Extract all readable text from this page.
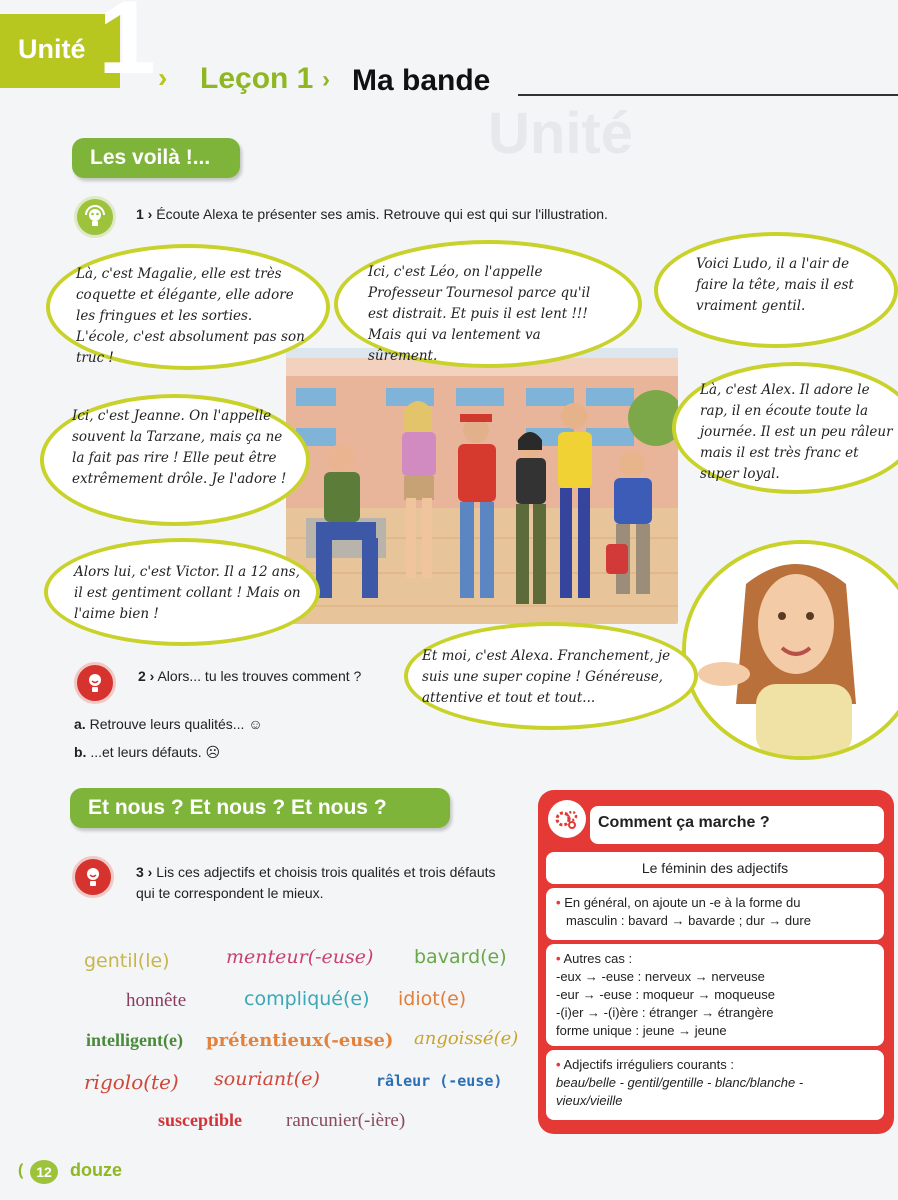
Unité 1 ›
Unité
Leçon 1 › Ma bande
Les voilà !...
1 › Écoute Alexa te présenter ses amis. Retrouve qui est qui sur l'illustration.
Là, c'est Magalie, elle est très coquette et élégante, elle adore les fringues et les sorties. L'école, c'est absolument pas son truc !
Ici, c'est Léo, on l'appelle Professeur Tournesol parce qu'il est distrait. Et puis il est lent !!! Mais qui va lentement va sûrement.
Voici Ludo, il a l'air de faire la tête, mais il est vraiment gentil.
Ici, c'est Jeanne. On l'appelle souvent la Tarzane, mais ça ne la fait pas rire ! Elle peut être extrêmement drôle. Je l'adore !
Là, c'est Alex. Il adore le rap, il en écoute toute la journée. Il est un peu râleur mais il est très franc et super loyal.
Alors lui, c'est Victor. Il a 12 ans, il est gentiment collant ! Mais on l'aime bien !
Et moi, c'est Alexa. Franchement, je suis une super copine ! Généreuse, attentive et tout et tout...
2 › Alors... tu les trouves comment ?
a. Retrouve leurs qualités... ☺
b. ...et leurs défauts. ☹
Et nous ? Et nous ? Et nous ?
3 › Lis ces adjectifs et choisis trois qualités et trois défauts qui te correspondent le mieux.
gentil(le)	menteur(-euse) bavard(e)
honnête	compliqué(e) idiot(e)
intelligent(e) prétentieux(-euse) angoissé(e)
rigolo(te) souriant(e)	râleur (-euse)
susceptible rancunier(-ière)
Comment ça marche ?
Le féminin des adjectifs
• En général, on ajoute un -e à la forme du
masculin : bavard → bavarde ; dur → dure
• Autres cas :
-eux → -euse : nerveux → nerveuse
-eur → -euse : moqueur → moqueuse
-(i)er → -(i)ère : étranger → étrangère
forme unique : jeune → jeune
• Adjectifs irréguliers courants :
beau/belle - gentil/gentille - blanc/blanche -
vieux/vieille
( 12	douze
